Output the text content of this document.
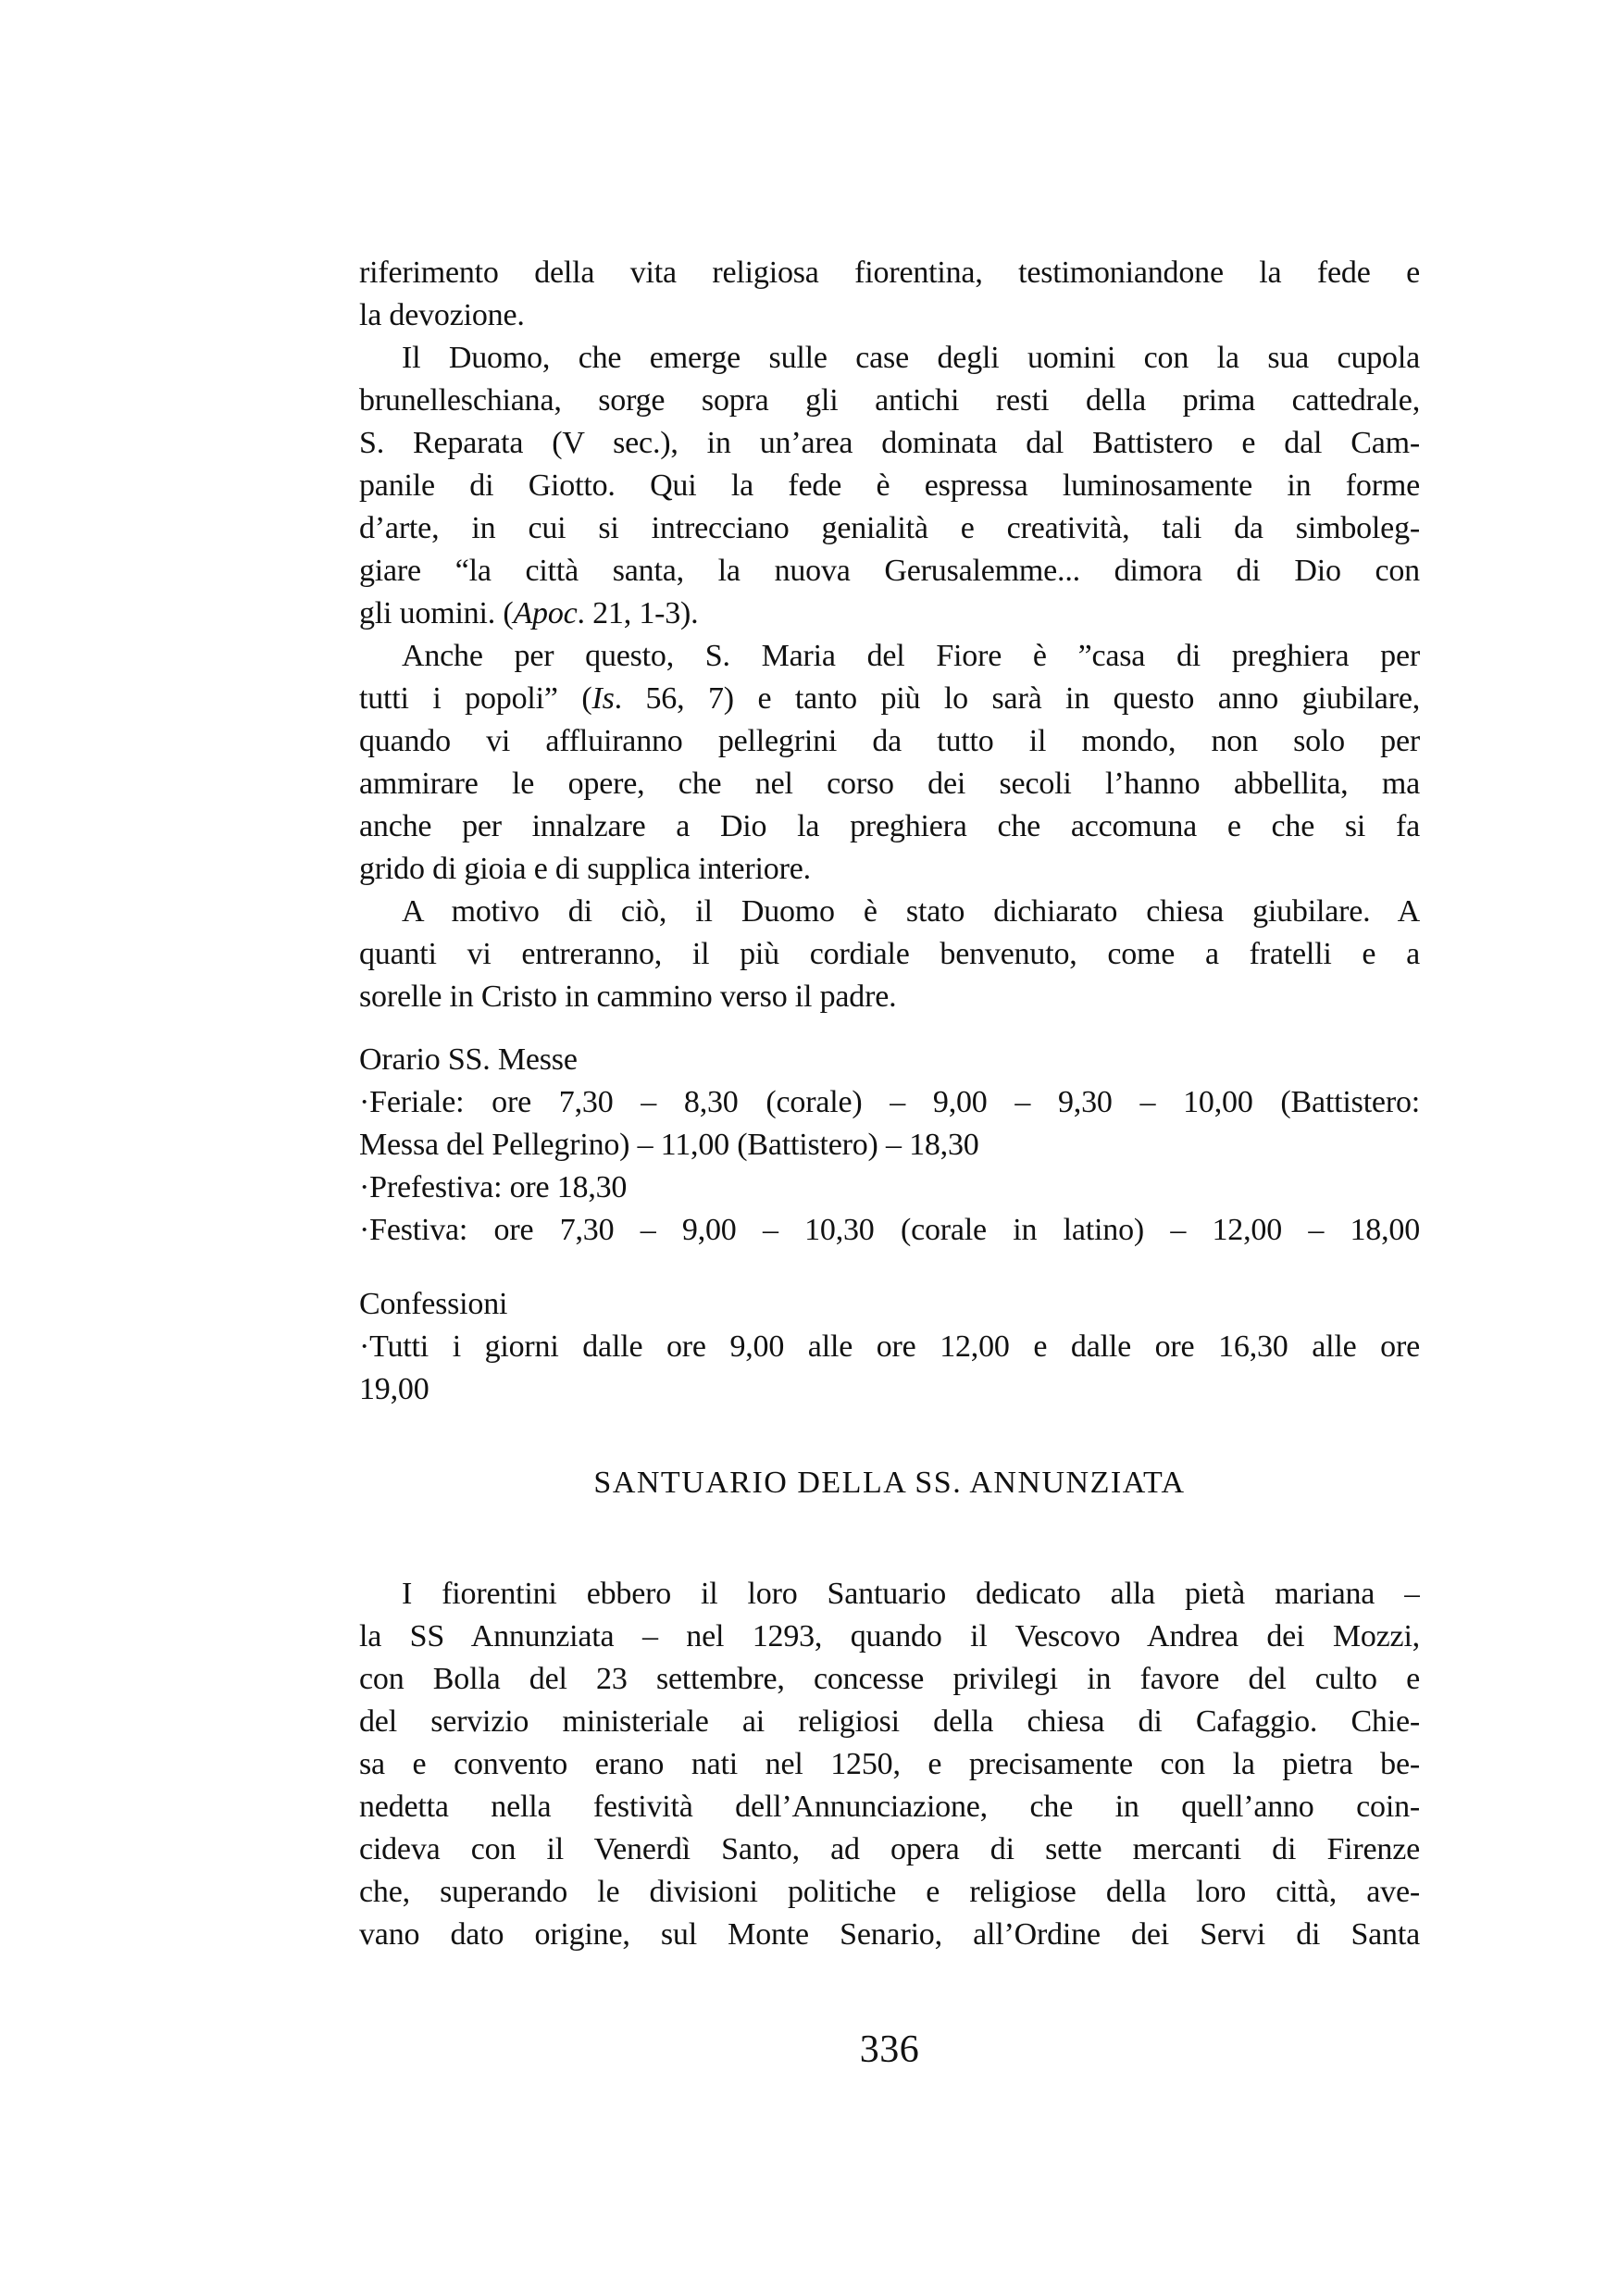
riferimento della vita religiosa fiorentina, testimoniandone la fede e
la devozione.
Il Duomo, che emerge sulle case degli uomini con la sua cupola
brunelleschiana, sorge sopra gli antichi resti della prima cattedrale,
S. Reparata (V sec.), in un’area dominata dal Battistero e dal Cam-
panile di Giotto. Qui la fede è espressa luminosamente in forme
d’arte, in cui si intrecciano genialità e creatività, tali da simboleg-
giare “la città santa, la nuova Gerusalemme... dimora di Dio con
gli uomini. (Apoc. 21, 1-3).
Anche per questo, S. Maria del Fiore è ”casa di preghiera per
tutti i popoli” (Is. 56, 7) e tanto più lo sarà in questo anno giubilare,
quando vi affluiranno pellegrini da tutto il mondo, non solo per
ammirare le opere, che nel corso dei secoli l’hanno abbellita, ma
anche per innalzare a Dio la preghiera che accomuna e che si fa
grido di gioia e di supplica interiore.
A motivo di ciò, il Duomo è stato dichiarato chiesa giubilare. A
quanti vi entreranno, il più cordiale benvenuto, come a fratelli e a
sorelle in Cristo in cammino verso il padre.
Orario SS. Messe
·Feriale: ore 7,30 – 8,30 (corale) – 9,00 – 9,30 – 10,00 (Battistero:
Messa del Pellegrino) – 11,00 (Battistero) – 18,30
·Prefestiva: ore 18,30
·Festiva: ore 7,30 – 9,00 – 10,30 (corale in latino) – 12,00 – 18,00
Confessioni
·Tutti i giorni dalle ore 9,00 alle ore 12,00 e dalle ore 16,30 alle ore
19,00
SANTUARIO DELLA SS. ANNUNZIATA
I fiorentini ebbero il loro Santuario dedicato alla pietà mariana –
la SS Annunziata – nel 1293, quando il Vescovo Andrea dei Mozzi,
con Bolla del 23 settembre, concesse privilegi in favore del culto e
del servizio ministeriale ai religiosi della chiesa di Cafaggio. Chie-
sa e convento erano nati nel 1250, e precisamente con la pietra be-
nedetta nella festività dell’Annunciazione, che in quell’anno coin-
cideva con il Venerdì Santo, ad opera di sette mercanti di Firenze
che, superando le divisioni politiche e religiose della loro città, ave-
vano dato origine, sul Monte Senario, all’Ordine dei Servi di Santa
336
